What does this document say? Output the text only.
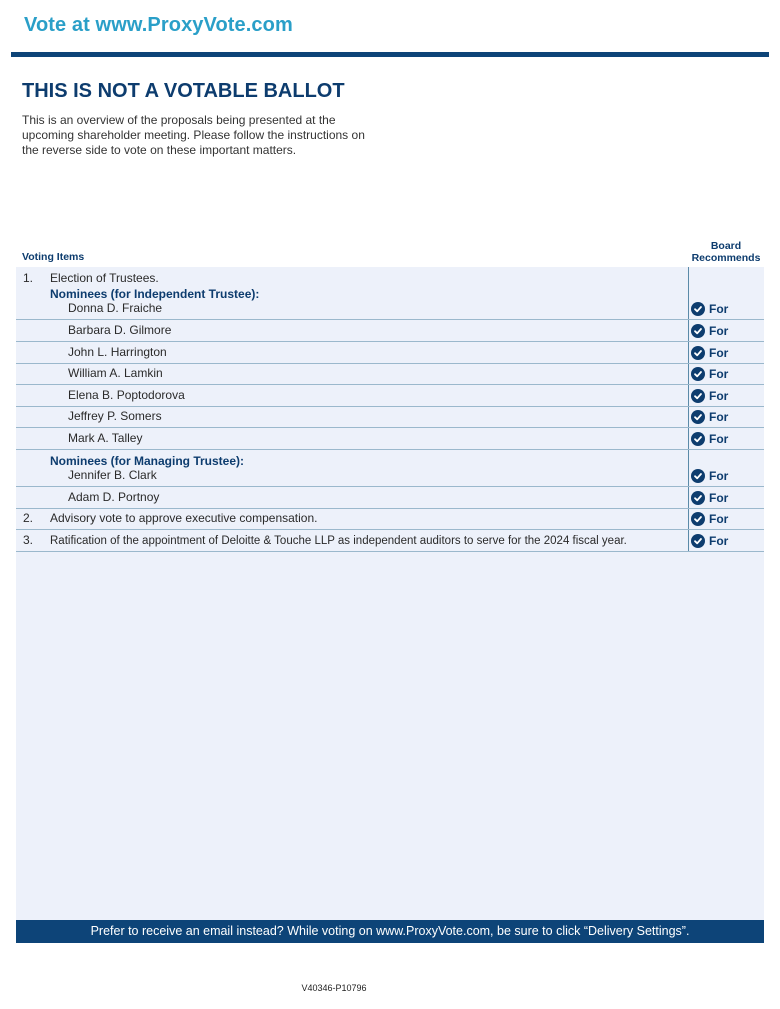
Vote at www.ProxyVote.com
THIS IS NOT A VOTABLE BALLOT
This is an overview of the proposals being presented at the
upcoming shareholder meeting. Please follow the instructions on
the reverse side to vote on these important matters.
Voting Items
Board
Recommends
1. Election of Trustees.
Nominees (for Independent Trustee):
Donna D. Fraiche	For
Barbara D. Gilmore	For
John L. Harrington	For
William A. Lamkin	For
Elena B. Poptodorova	For
Jeffrey P. Somers	For
Mark A. Talley	For
Nominees (for Managing Trustee):
Jennifer B. Clark	For
Adam D. Portnoy	For
2. Advisory vote to approve executive compensation.	For
3. Ratification of the appointment of Deloitte & Touche LLP as independent auditors to serve for the 2024 fiscal year.	For
Prefer to receive an email instead? While voting on www.ProxyVote.com, be sure to click “Delivery Settings”.
V40346-P10796
